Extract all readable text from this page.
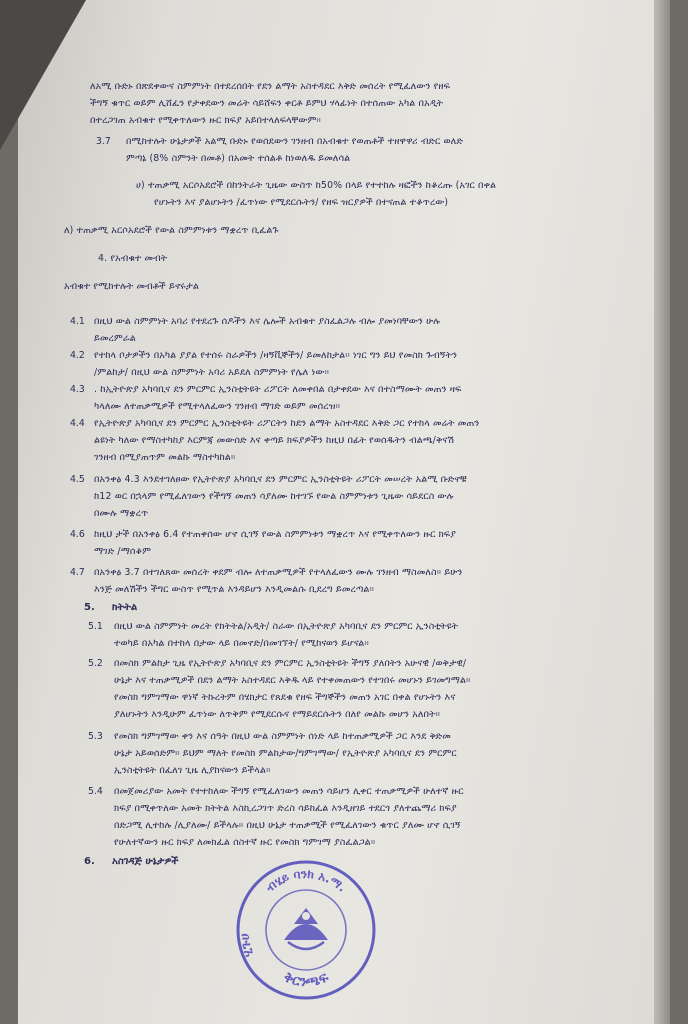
ለአሚ ቡድኑ በጽደቀውና ስምምነት በተደረሰበት የደን ልማት አስተዳደር እቅድ መሰረት የሚፈለውን የዘፍ
ችግኝ ቁጥር ወይም ሊሸፈን የታቀደውን መሬት ሳይሸፍን ቀርቶ ይምህ ሃላፊነት በተሰጠው አካል በአዲት
በተረጋገጠ አብቁተ የሚቀጥለውን ዙር ክፍያ አይበተላለፍላቸውም።
3.7 በሚከተሉት ሁኔታዎች አልሚ ቡድኑ የወሰደውን ገንዘብ በአብቁተ የወጠቶች ተዘዋዋሪ ብድር ወለድ
ምጣኔ (8% ስምንት በመቶ) በአመት ተሰልቶ ከነወለዱ ይመለሳል
ሀ) ተጠቃሚ አርሶአደሮች በከንትራት ጊዜው ውስጥ ከ50% በላይ የተተከሉ ዛፎችን ከቆረጡ (አገር በቀል
የሆኑትን እና ያልሆኑትን /ፈጥነው የሚደርሱትን/ የዘፍ ዝርያዎች በተናጠል ተቆጥረው)
ለ) ተጠቃሚ አርሶአደሮች የውል ስምምነቱን ማቋረጥ ቢፈልጉ
4. የአብቁተ መብት
አብቁተ የሚከተሉት መብቶች ይኖሩታል
4.1 በዚህ ውል ስምምነት አባሪ የተደረጉ ሰዶችን እና ሌሎች አብቁተ ያስፈልጋሉ ብሎ ያመነባቸውን ሁሉ
ይመረምራል
4.2 የተከላ ቦታዎችን በአካል ያያል የተሰሩ ስራዎችን /ዛኝቪኞችን/ ይመለከታል። ነገር ግን ይህ የመስክ ጉብኝትን
/ምልከታ/ በዚህ ውል ስምምነት አባሪ አይደለ ስምምነት የሌለ ነው።
4.3 . ከኢትዮጵያ አካባቢና ደን ምርምር ኢንስቲትዩት ሪፖርት ለመቀበል በታቀደው እና በተስማሙት መጠን ዛፍ
ካላለሙ ለተጠቃሚዎች የሚተላለፈውን ገንዘብ ማገድ ወይም መሰረዝ።
4.4 የኢትዮጵያ አካባቢና ደን ምርምር ኢንስቲትዩት ሪፖርትን ከደን ልማት አስተዳደር እቅድ ጋር የተከላ መሬት መጠን
ልዩነት ካለው የማስተካከያ እርምጃ መውሰድ እና ቀጣይ ክፍያዎችን ከዚህ በፊት የወሰዱትን ብልጫ/ቅናሽ
ገንዘብ በሚያጠጥም መልኩ ማስተካከል።
4.5 በአንቀፅ 4.3 እንደተገለፀው የኢትዮጵያ አካባቢና ደን ምርምር ኢንስቲትዩት ሪፖርት መሠረት አልሚ ቡድኖቹ
ከ12 ወር በኋላም የሚፈለገውን የችግኝ መጠን ሳያለሙ ከተገኙ የውል ስምምነቱን ጊዜው ሳይደርስ ውሉ
በሙሉ ማቋረጥ
4.6 ከዚህ ታች በአንቀፅ 6.4 የተጠቀሰው ሆኖ ሲገኝ የውል ስምምነቱን ማቋረጥ እና የሚቀጥለውን ዙር ክፍያ
ማገድ /ማሰቆም
4.7 በአንቀፅ 3.7 በተገለጸው መሰረት ቀደም ብሎ ለተጠቃሚዎች የተላለፈውን ሙሉ ገንዘብ ማስመለስ። ይሁን
እንጅ መለሽችን ችግር ውስጥ የሚጥል እንዳይሆን እንዲመልሱ ቢደረግ ይመረጣል።
5. ክትትል
5.1 በዚህ ውል ስምምነት መረት የክትትል/አዲት/ ስራው በኢትዮጵያ አካባቢና ደን ምርምር ኢንስቲትዩት
ተወካይ በአካል በተከላ በታው ላይ በመኖድ/በመገኘት/ የሚከናወን ይሆናል።
5.2 በመስክ ምልከታ ጊዜ የኢትዮጵያ አካባቢና ደን ምርምር ኢንስቲትዩት ችግኝ ያለበትን አሁናዊ /ወቅታዊ/
ሁኔታ እና ተጠቃሚዎች በደን ልማት አስተዳደር እቅዱ ላይ የተቀመጠውን የተገበሩ መሆኑን ይገመግማል።
የመስክ ግምገማው ዋነኛ ትኩረትም በሄክታር የጸደቁ የዘፍ ችግኞችን መጠን አገር በቀል የሆኑትን እና
ያለሆኑትን እንዲሁም ፈጥነው ለጥቅም የሚደርሱና የማይደርሱትን በለየ መልኩ መሆን አለበት።
5.3 የመስክ ግምገማው ቀን እና ሰዓት በዚህ ውል ስምምነት ሰነድ ላይ ከተጠቃሚዎች ጋር እንደ ቅድመ
ሁኔታ አይወሰድም። ይህም ማለት የመስክ ምልከታው/ግምገማው/ የኢትዮጵያ አካባቢና ደን ምርምር
ኢንስቲትዩት በፈለገ ጊዜ ሊያከናውን ይችላል።
5.4 በመጀመሪያው አመት የተተከለው ችግኝ የሚፈለገውን መጠን ሳይሆን ሊቀር ተጠቃሚዎች ሁለተኛ ዙር
ክፍያ በሚቀጥለው አመት ክትትል እስኪረጋገጥ ድረስ ሳይከፈል እንዲዘገይ ተደርጎ ያለተጨማሪ ክፍያ
በድጋሚ ሊተከሉ /ሊያለሙ/ ይችላሉ። በዚህ ሁኔታ ተጠቃሚች የሚፈለገውን ቁጥር ያለሙ ሆኖ ሲገኝ
የሁለተኛውን ዙር ክፍያ ለመክፈል ሰስተኛ ዙር የመስክ ግምገማ ያስፈልጋል።
6. አስገዳጅ ሁኔታዎች
ብሄይ ባንክ አ.ማ.
ቅርንጫፍ
ሂጉሀ
